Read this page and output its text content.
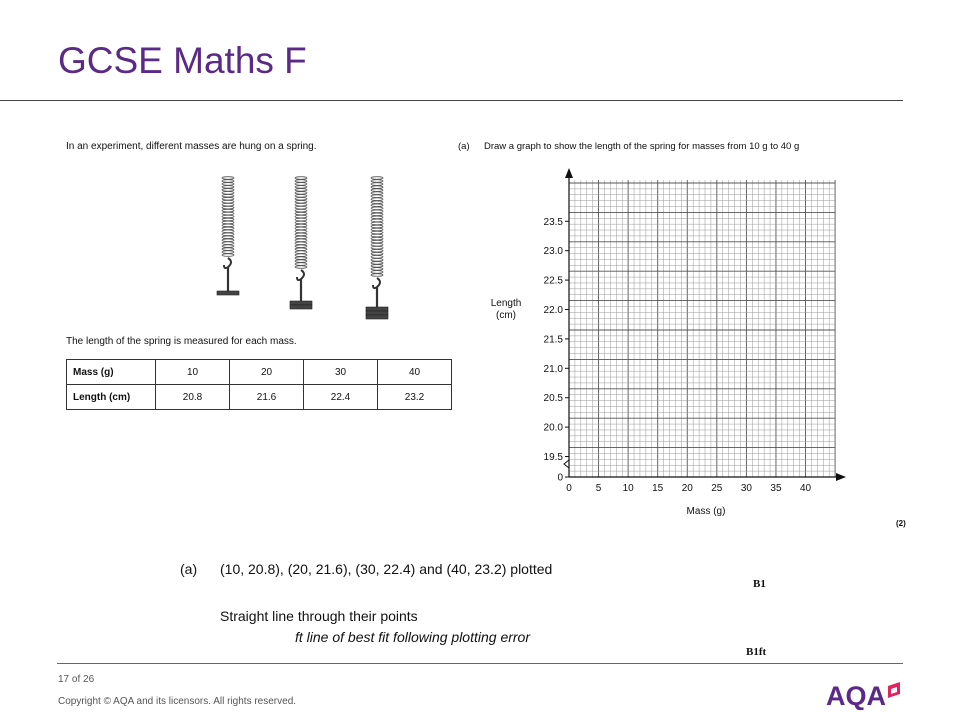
GCSE Maths F
In an experiment, different masses are hung on a spring.
The length of the spring is measured for each mass.
Mass (g)	10	20	30	40
Length (cm)	20.8	21.6	22.4	23.2
(a) Draw a graph to show the length of the spring for masses from 10 g to 40 g
0
19.5
20.0
20.5
21.0
21.5
22.0
22.5
23.0
23.5
0 5 10 15 20 25 30 35 40
Length
(cm)
Mass (g)
(2)
(a) (10, 20.8), (20, 21.6), (30, 22.4) and (40, 23.2) plotted
B1
Straight line through their points
ft line of best fit following plotting error
B1ft
17 of 26
Copyright © AQA and its licensors. All rights reserved.	AQA
